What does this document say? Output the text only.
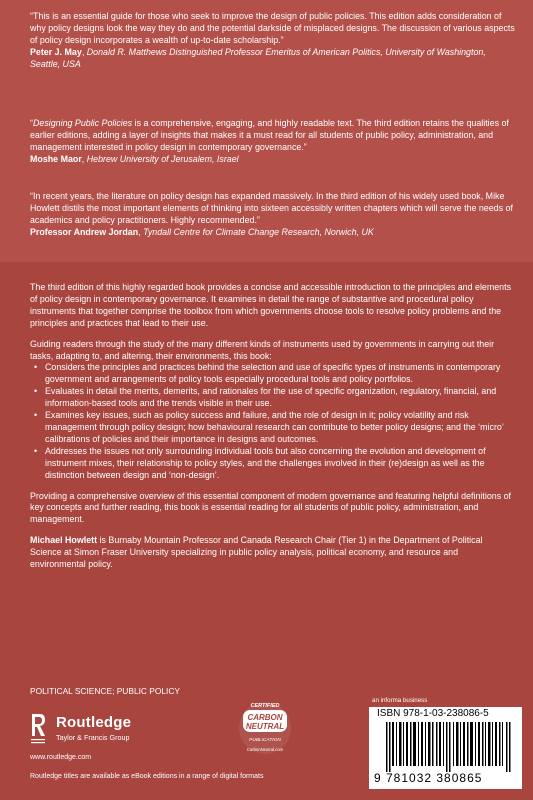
“This is an essential guide for those who seek to improve the design of public policies. This edition adds consideration of why policy designs look the way they do and the potential darkside of misplaced designs. The discussion of various aspects of policy design incorporates a wealth of up-to-date scholarship.”

Peter J. May, Donald R. Matthews Distinguished Professor Emeritus of American Politics, University of Washington, Seattle, USA

“Designing Public Policies is a comprehensive, engaging, and highly readable text. The third edition retains the qualities of earlier editions, adding a layer of insights that makes it a must read for all students of public policy, administration, and management interested in policy design in contemporary governance.”

Moshe Maor, Hebrew University of Jerusalem, Israel

“In recent years, the literature on policy design has expanded massively. In the third edition of his widely used book, Mike Howlett distils the most important elements of thinking into sixteen accessibly written chapters which will serve the needs of academics and policy practitioners. Highly recommended.”

Professor Andrew Jordan, Tyndall Centre for Climate Change Research, Norwich, UK

The third edition of this highly regarded book provides a concise and accessible introduction to the principles and elements of policy design in contemporary governance. It examines in detail the range of substantive and procedural policy instruments that together comprise the toolbox from which governments choose tools to resolve policy problems and the principles and practices that lead to their use.

Guiding readers through the study of the many different kinds of instruments used by governments in carrying out their tasks, adapting to, and altering, their environments, this book:

• Considers the principles and practices behind the selection and use of specific types of instruments in contemporary government and arrangements of policy tools especially procedural tools and policy portfolios.
• Evaluates in detail the merits, demerits, and rationales for the use of specific organization, regulatory, financial, and information-based tools and the trends visible in their use.
• Examines key issues, such as policy success and failure, and the role of design in it; policy volatility and risk management through policy design; how behavioural research can contribute to better policy designs; and the ‘micro’ calibrations of policies and their importance in designs and outcomes.
• Addresses the issues not only surrounding individual tools but also concerning the evolution and development of instrument mixes, their relationship to policy styles, and the challenges involved in their (re)design as well as the distinction between design and ‘non-design’.

Providing a comprehensive overview of this essential component of modern governance and featuring helpful definitions of key concepts and further reading, this book is essential reading for all students of public policy, administration, and management.

Michael Howlett is Burnaby Mountain Professor and Canada Research Chair (Tier 1) in the Department of Political Science at Simon Fraser University specializing in public policy analysis, political economy, and resource and environmental policy.

POLITICAL SCIENCE; PUBLIC POLICY
Routledge
Taylor & Francis Group
www.routledge.com
Routledge titles are available as eBook editions in a range of digital formats
CERTIFIED
CARBON
NEUTRAL
PUBLICATION
CarbonNeutral.com
an informa business
ISBN 978-1-03-238086-5
9 781032 380865
